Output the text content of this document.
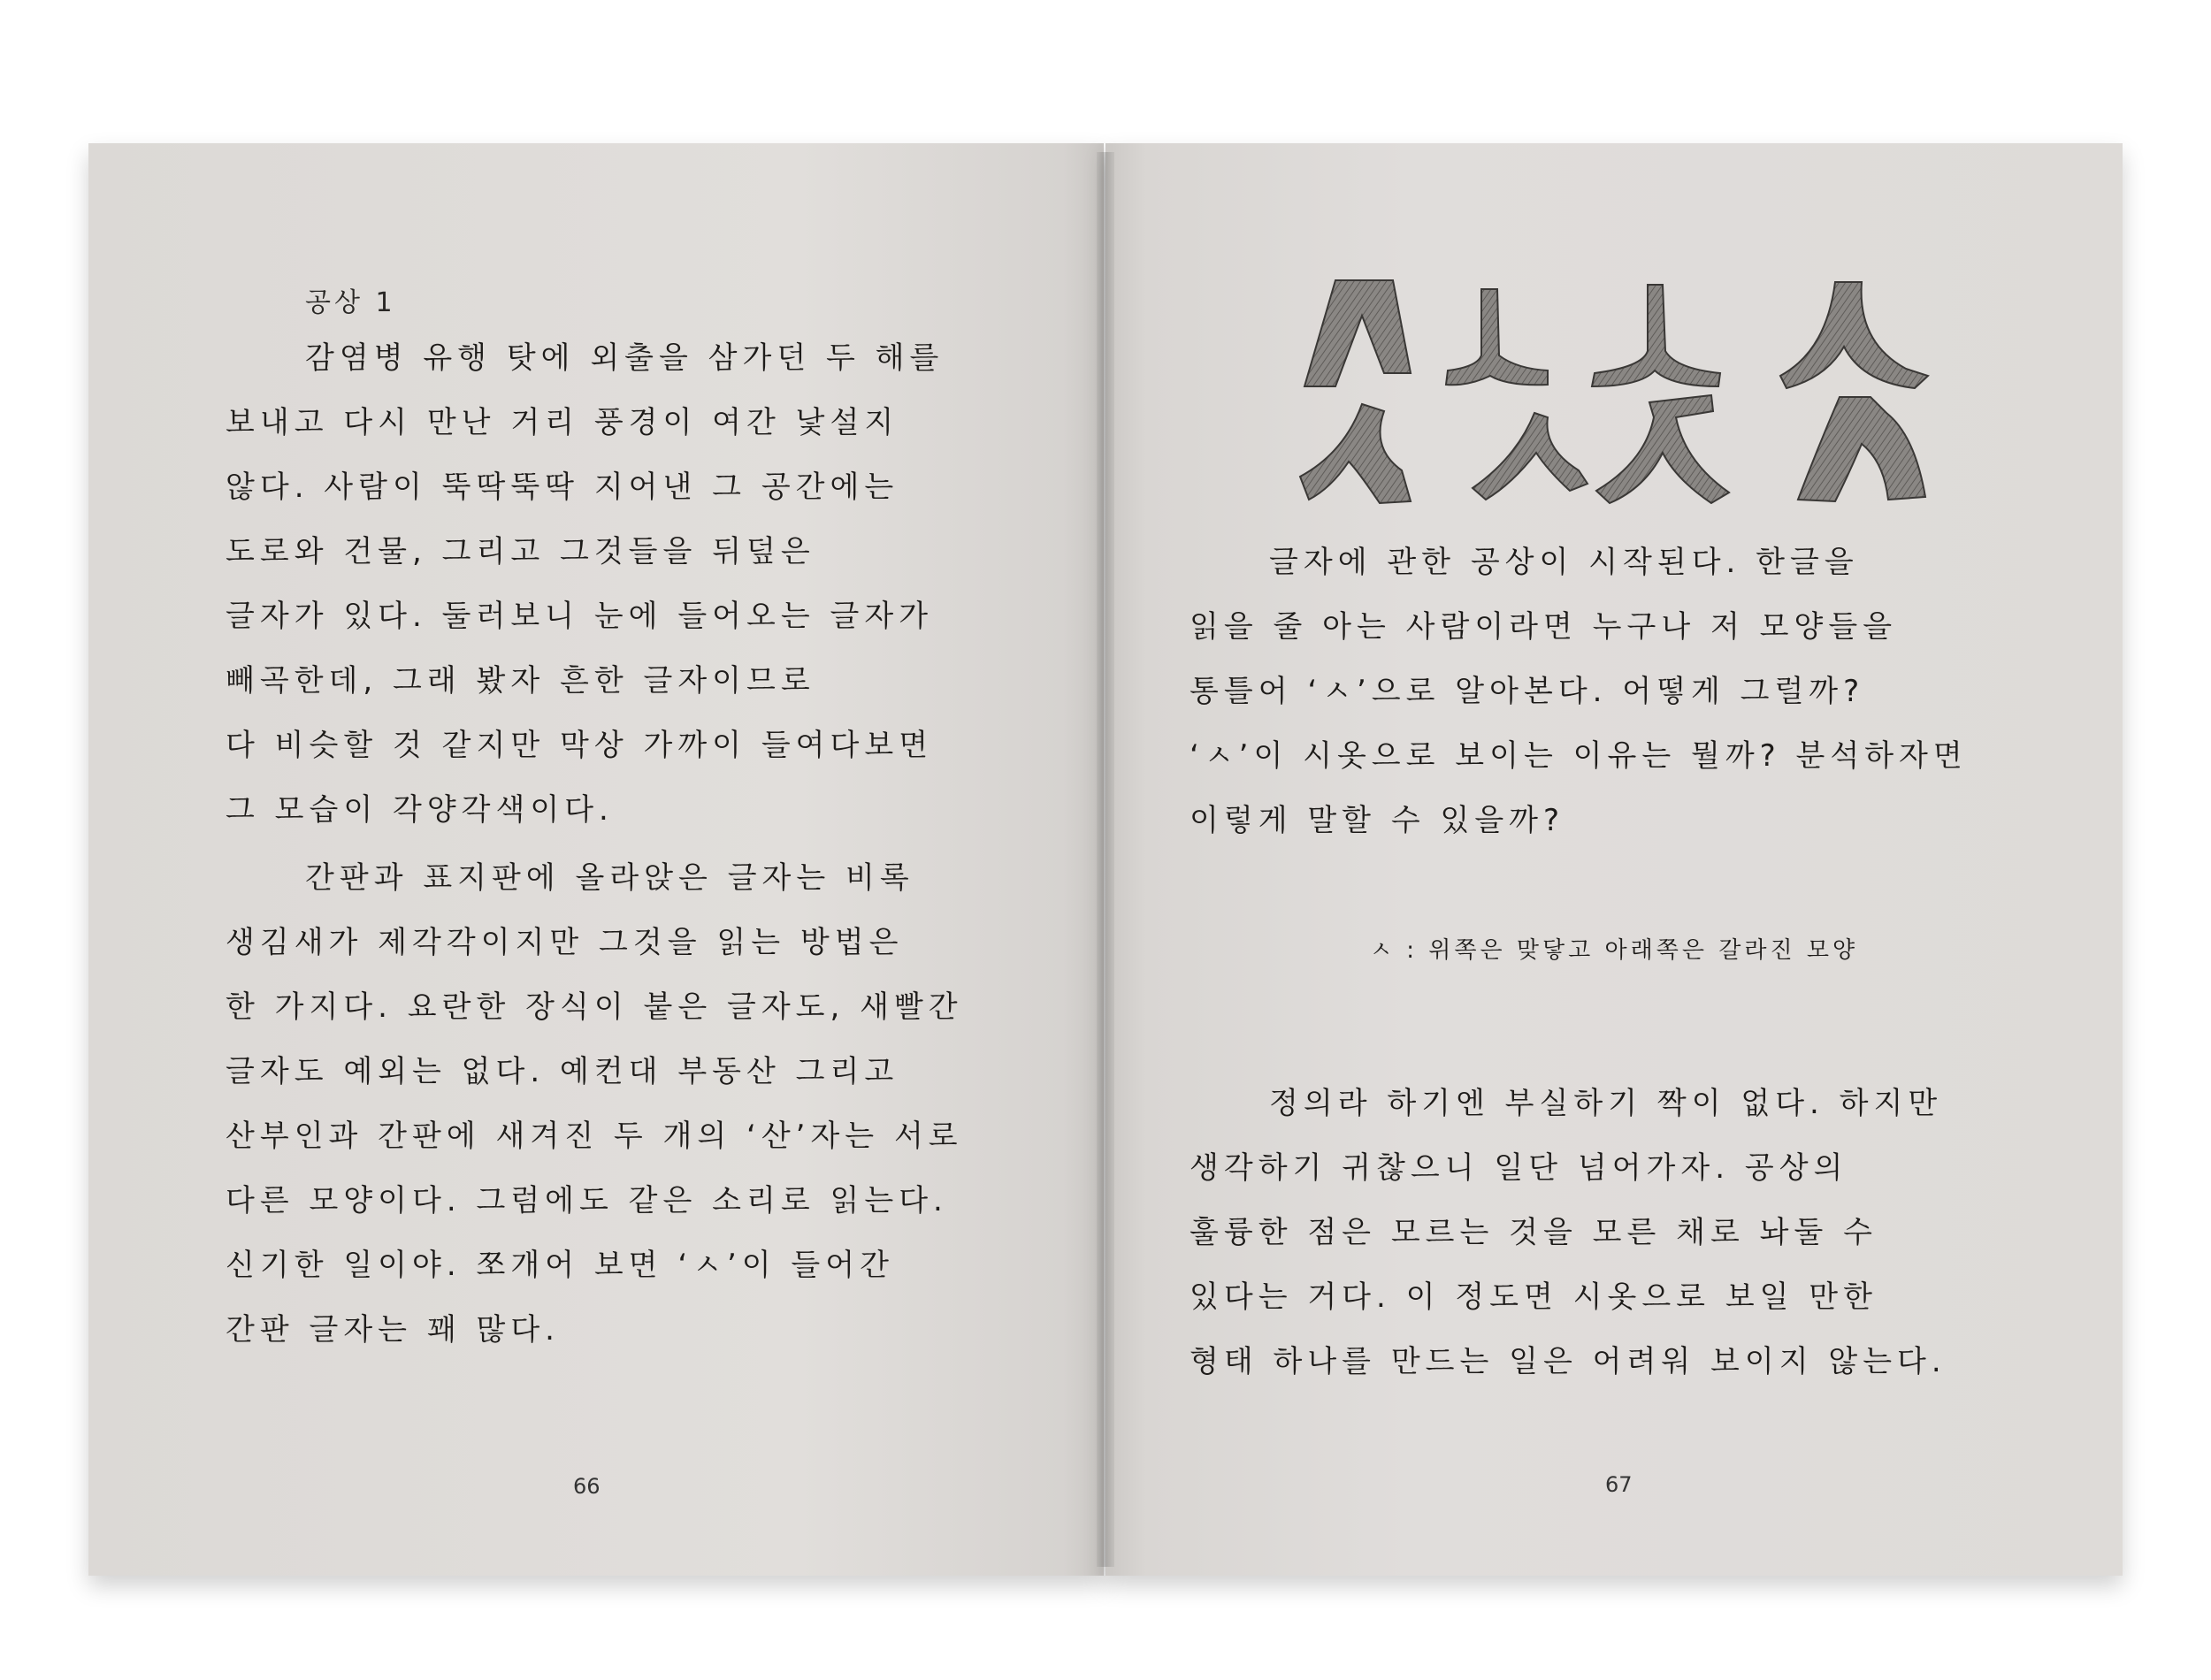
공상 1
감염병 유행 탓에 외출을 삼가던 두 해를
보내고 다시 만난 거리 풍경이 여간 낯설지
않다. 사람이 뚝딱뚝딱 지어낸 그 공간에는
도로와 건물, 그리고 그것들을 뒤덮은
글자가 있다. 둘러보니 눈에 들어오는 글자가
빼곡한데, 그래 봤자 흔한 글자이므로
다 비슷할 것 같지만 막상 가까이 들여다보면
그 모습이 각양각색이다.
간판과 표지판에 올라앉은 글자는 비록
생김새가 제각각이지만 그것을 읽는 방법은
한 가지다. 요란한 장식이 붙은 글자도, 새빨간
글자도 예외는 없다. 예컨대 부동산 그리고
산부인과 간판에 새겨진 두 개의 ‘산’자는 서로
다른 모양이다. 그럼에도 같은 소리로 읽는다.
신기한 일이야. 쪼개어 보면 ‘ㅅ’이 들어간
간판 글자는 꽤 많다.
66
글자에 관한 공상이 시작된다. 한글을
읽을 줄 아는 사람이라면 누구나 저 모양들을
통틀어 ‘ㅅ’으로 알아본다. 어떻게 그럴까?
‘ㅅ’이 시옷으로 보이는 이유는 뭘까? 분석하자면
이렇게 말할 수 있을까?
ㅅ : 위쪽은 맞닿고 아래쪽은 갈라진 모양
정의라 하기엔 부실하기 짝이 없다. 하지만
생각하기 귀찮으니 일단 넘어가자. 공상의
훌륭한 점은 모르는 것을 모른 채로 놔둘 수
있다는 거다. 이 정도면 시옷으로 보일 만한
형태 하나를 만드는 일은 어려워 보이지 않는다.
67
